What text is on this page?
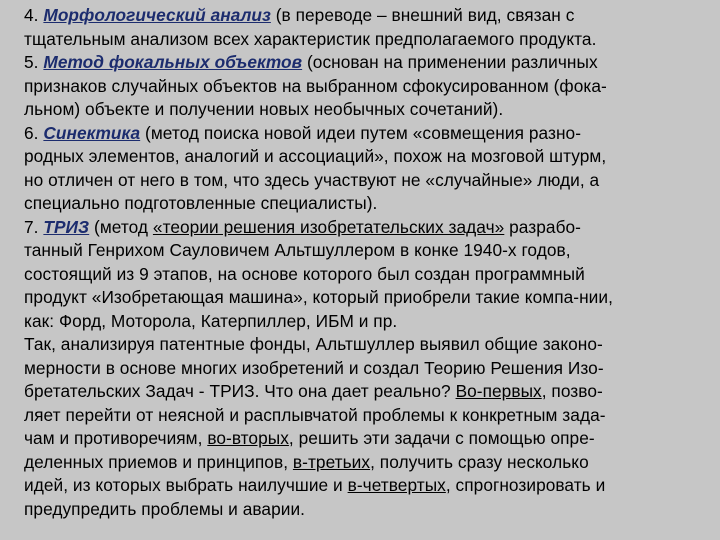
4. Морфологический анализ (в переводе – внешний вид, связан с
тщательным анализом всех характеристик предполагаемого продукта.
5. Метод фокальных объектов (основан на применении различных
признаков случайных объектов на выбранном сфокусированном (фока-
льном) объекте и получении новых необычных сочетаний).
6. Синектика (метод поиска новой идеи путем «совмещения разно-
родных элементов, аналогий и ассоциаций», похож на мозговой штурм,
но отличен от него в том, что здесь участвуют не «случайные» люди, а
специально подготовленные специалисты).
7. ТРИЗ (метод «теории решения изобретательских задач» разрабо-
танный Генрихом Сауловичем Альтшуллером в конке 1940-х годов,
состоящий из 9 этапов, на основе которого был создан программный
продукт «Изобретающая машина», который приобрели такие компа-нии,
как: Форд, Моторола, Катерпиллер, ИБМ и пр.
Так, анализируя патентные фонды, Альтшуллер выявил общие законо-
мерности в основе многих изобретений и создал Теорию Решения Изо-
бретательских Задач - ТРИЗ. Что она дает реально? Во-первых, позво-
ляет перейти от неясной и расплывчатой проблемы к конкретным зада-
чам и противоречиям, во-вторых, решить эти задачи с помощью опре-
деленных приемов и принципов, в-третьих, получить сразу несколько
идей, из которых выбрать наилучшие и в-четвертых, спрогнозировать и
предупредить проблемы и аварии.
